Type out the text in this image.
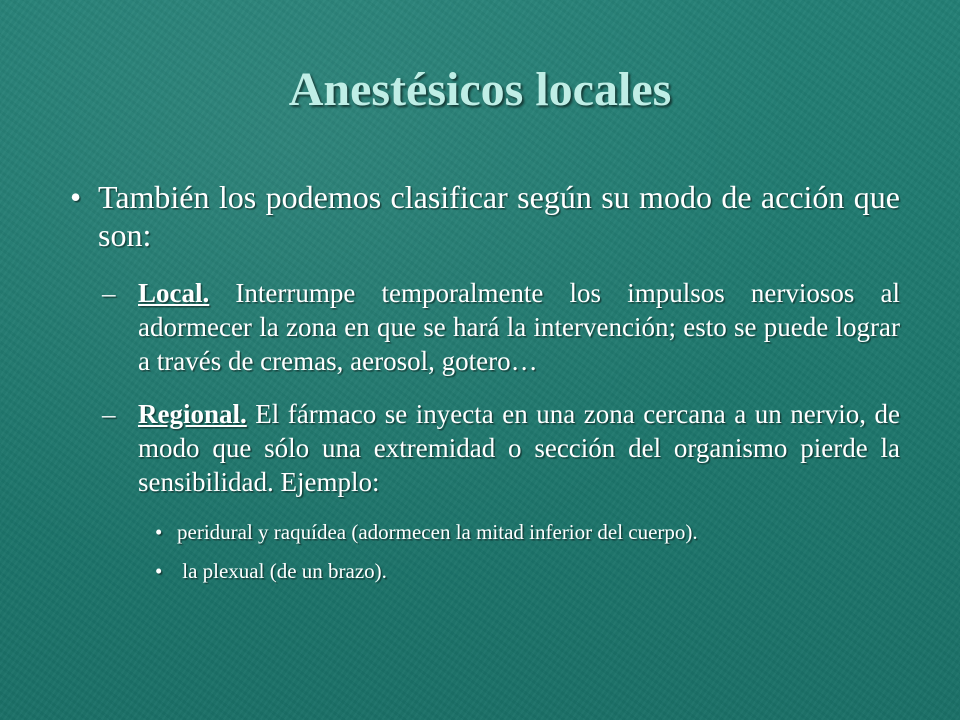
Anestésicos locales
• También los podemos clasificar según su modo de acción que son:
– Local. Interrumpe temporalmente los impulsos nerviosos al adormecer la zona en que se hará la intervención; esto se puede lograr a través de cremas, aerosol, gotero…
– Regional. El fármaco se inyecta en una zona cercana a un nervio, de modo que sólo una extremidad o sección del organismo pierde la sensibilidad. Ejemplo:
• peridural y raquídea (adormecen la mitad inferior del cuerpo).
• la plexual (de un brazo).
